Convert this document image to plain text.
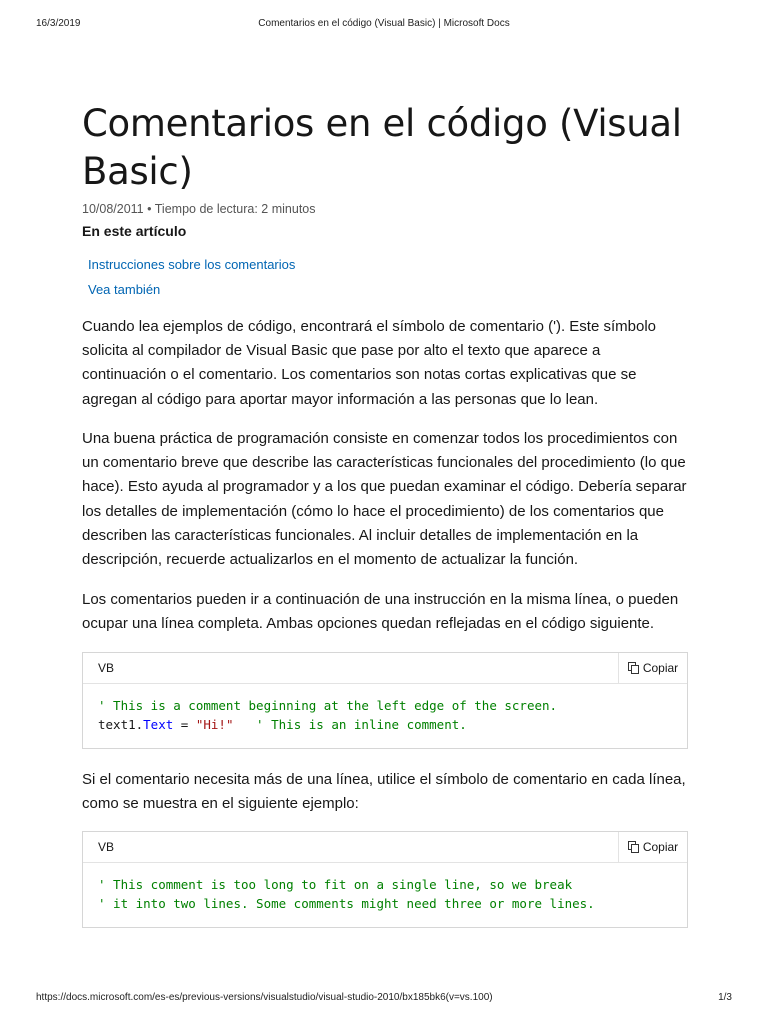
16/3/2019	Comentarios en el código (Visual Basic) | Microsoft Docs
Comentarios en el código (Visual Basic)
10/08/2011 • Tiempo de lectura: 2 minutos
En este artículo
Instrucciones sobre los comentarios
Vea también

Cuando lea ejemplos de código, encontrará el símbolo de comentario ('). Este símbolo solicita al compilador de Visual Basic que pase por alto el texto que aparece a continuación o el comentario. Los comentarios son notas cortas explicativas que se agregan al código para aportar mayor información a las personas que lo lean.

Una buena práctica de programación consiste en comenzar todos los procedimientos con un comentario breve que describe las características funcionales del procedimiento (lo que hace). Esto ayuda al programador y a los que puedan examinar el código. Debería separar los detalles de implementación (cómo lo hace el procedimiento) de los comentarios que describen las características funcionales. Al incluir detalles de implementación en la descripción, recuerde actualizarlos en el momento de actualizar la función.

Los comentarios pueden ir a continuación de una instrucción en la misma línea, o pueden ocupar una línea completa. Ambas opciones quedan reflejadas en el código siguiente.

VB	Copiar
' This is a comment beginning at the left edge of the screen.
text1.Text = "Hi!"   ' This is an inline comment.

Si el comentario necesita más de una línea, utilice el símbolo de comentario en cada línea, como se muestra en el siguiente ejemplo:

VB	Copiar
' This comment is too long to fit on a single line, so we break
' it into two lines. Some comments might need three or more lines.
https://docs.microsoft.com/es-es/previous-versions/visualstudio/visual-studio-2010/bx185bk6(v=vs.100)	1/3
